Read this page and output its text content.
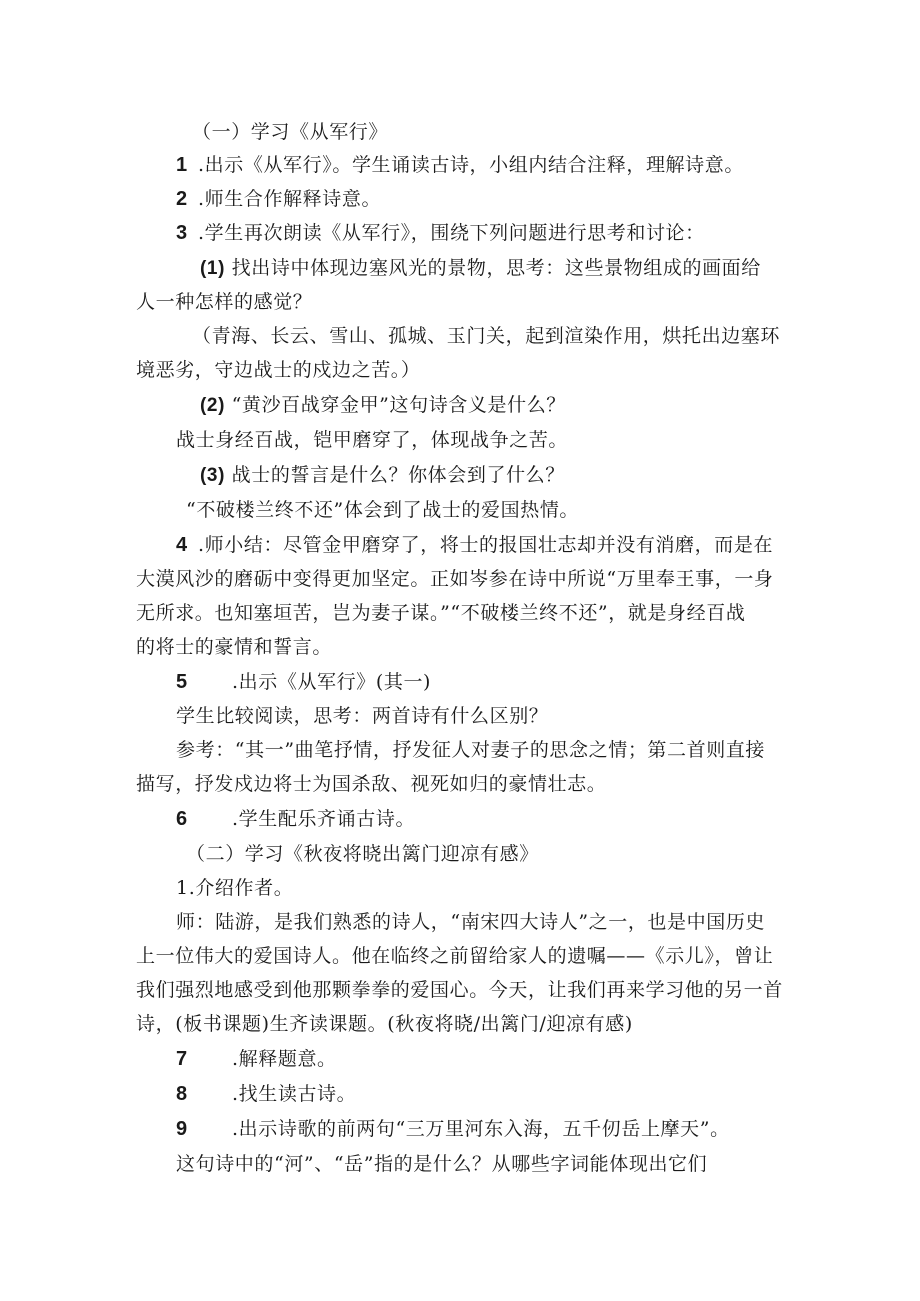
（一）学习《从军行》
1 .出示《从军行》。学生诵读古诗，小组内结合注释，理解诗意。
2 .师生合作解释诗意。
3 .学生再次朗读《从军行》，围绕下列问题进行思考和讨论：
(1) 找出诗中体现边塞风光的景物，思考：这些景物组成的画面给
人一种怎样的感觉？
（青海、长云、雪山、孤城、玉门关，起到渲染作用，烘托出边塞环
境恶劣，守边战士的戍边之苦。）
(2) “黄沙百战穿金甲”这句诗含义是什么？
战士身经百战，铠甲磨穿了，体现战争之苦。
(3) 战士的誓言是什么？你体会到了什么？
“不破楼兰终不还”体会到了战士的爱国热情。
4 .师小结：尽管金甲磨穿了，将士的报国壮志却并没有消磨，而是在
大漠风沙的磨砺中变得更加坚定。正如岑参在诗中所说“万里奉王事，一身
无所求。也知塞垣苦，岂为妻子谋。”“不破楼兰终不还”，就是身经百战
的将士的豪情和誓言。
5 .出示《从军行》(其一)
学生比较阅读，思考：两首诗有什么区别？
参考：“其一”曲笔抒情，抒发征人对妻子的思念之情；第二首则直接
描写，抒发戍边将士为国杀敌、视死如归的豪情壮志。
6 .学生配乐齐诵古诗。
（二）学习《秋夜将晓出篱门迎凉有感》
1.介绍作者。
师：陆游，是我们熟悉的诗人，“南宋四大诗人”之一，也是中国历史
上一位伟大的爱国诗人。他在临终之前留给家人的遗嘱——《示儿》，曾让
我们强烈地感受到他那颗拳拳的爱国心。今天，让我们再来学习他的另一首
诗，(板书课题)生齐读课题。(秋夜将晓/出篱门/迎凉有感)
7 .解释题意。
8 .找生读古诗。
9 .出示诗歌的前两句“三万里河东入海，五千仞岳上摩天”。
这句诗中的“河”、“岳”指的是什么？从哪些字词能体现出它们
